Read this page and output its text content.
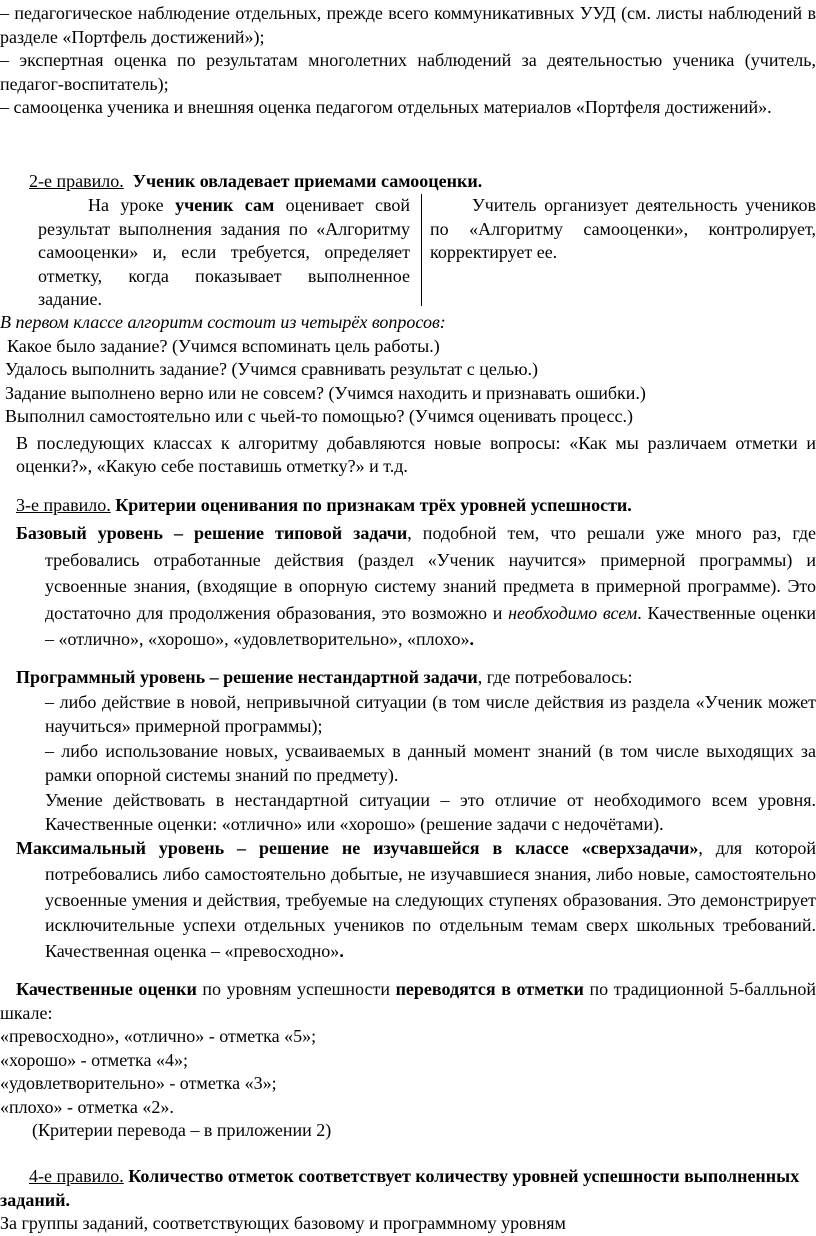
– педагогическое наблюдение отдельных, прежде всего коммуникативных УУД (см. листы наблюдений в разделе «Портфель достижений»);

– экспертная оценка по результатам многолетних наблюдений за деятельностью ученика (учитель, педагог-воспитатель);

– самооценка ученика и внешняя оценка педагогом отдельных материалов «Портфеля достижений».

2-е правило. Ученик овладевает приемами самооценки.

На уроке ученик сам оценивает свой результат выполнения задания по «Алгоритму самооценки» и, если требуется, определяет отметку, когда показывает выполненное задание.

Учитель организует деятельность учеников по «Алгоритму самооценки», контролирует, корректирует ее.

В первом классе алгоритм состоит из четырёх вопросов:

Какое было задание? (Учимся вспоминать цель работы.)

Удалось выполнить задание? (Учимся сравнивать результат с целью.)

Задание выполнено верно или не совсем? (Учимся находить и признавать ошибки.)

Выполнил самостоятельно или с чьей-то помощью? (Учимся оценивать процесс.)

В последующих классах к алгоритму добавляются новые вопросы: «Как мы различаем отметки и оценки?», «Какую себе поставишь отметку?» и т.д.

3-е правило. Критерии оценивания по признакам трёх уровней успешности.

Базовый уровень – решение типовой задачи, подобной тем, что решали уже много раз, где требовались отработанные действия (раздел «Ученик научится» примерной программы) и усвоенные знания, (входящие в опорную систему знаний предмета в примерной программе). Это достаточно для продолжения образования, это возможно и необходимо всем. Качественные оценки – «отлично», «хорошо», «удовлетворительно», «плохо».

Программный уровень – решение нестандартной задачи, где потребовалось:

– либо действие в новой, непривычной ситуации (в том числе действия из раздела «Ученик может научиться» примерной программы);

– либо использование новых, усваиваемых в данный момент знаний (в том числе выходящих за рамки опорной системы знаний по предмету).

Умение действовать в нестандартной ситуации – это отличие от необходимого всем уровня. Качественные оценки: «отлично» или «хорошо» (решение задачи с недочётами).

Максимальный уровень – решение не изучавшейся в классе «сверхзадачи», для которой потребовались либо самостоятельно добытые, не изучавшиеся знания, либо новые, самостоятельно усвоенные умения и действия, требуемые на следующих ступенях образования. Это демонстрирует исключительные успехи отдельных учеников по отдельным темам сверх школьных требований. Качественная оценка – «превосходно».

Качественные оценки по уровням успешности переводятся в отметки по традиционной 5-балльной шкале:

«превосходно», «отлично» - отметка «5»;

«хорошо» - отметка «4»;

«удовлетворительно» - отметка «3»;

«плохо» - отметка «2».

(Критерии перевода – в приложении 2)

4-е правило. Количество отметок соответствует количеству уровней успешности выполненных заданий.

За группы заданий, соответствующих базовому и программному уровням
